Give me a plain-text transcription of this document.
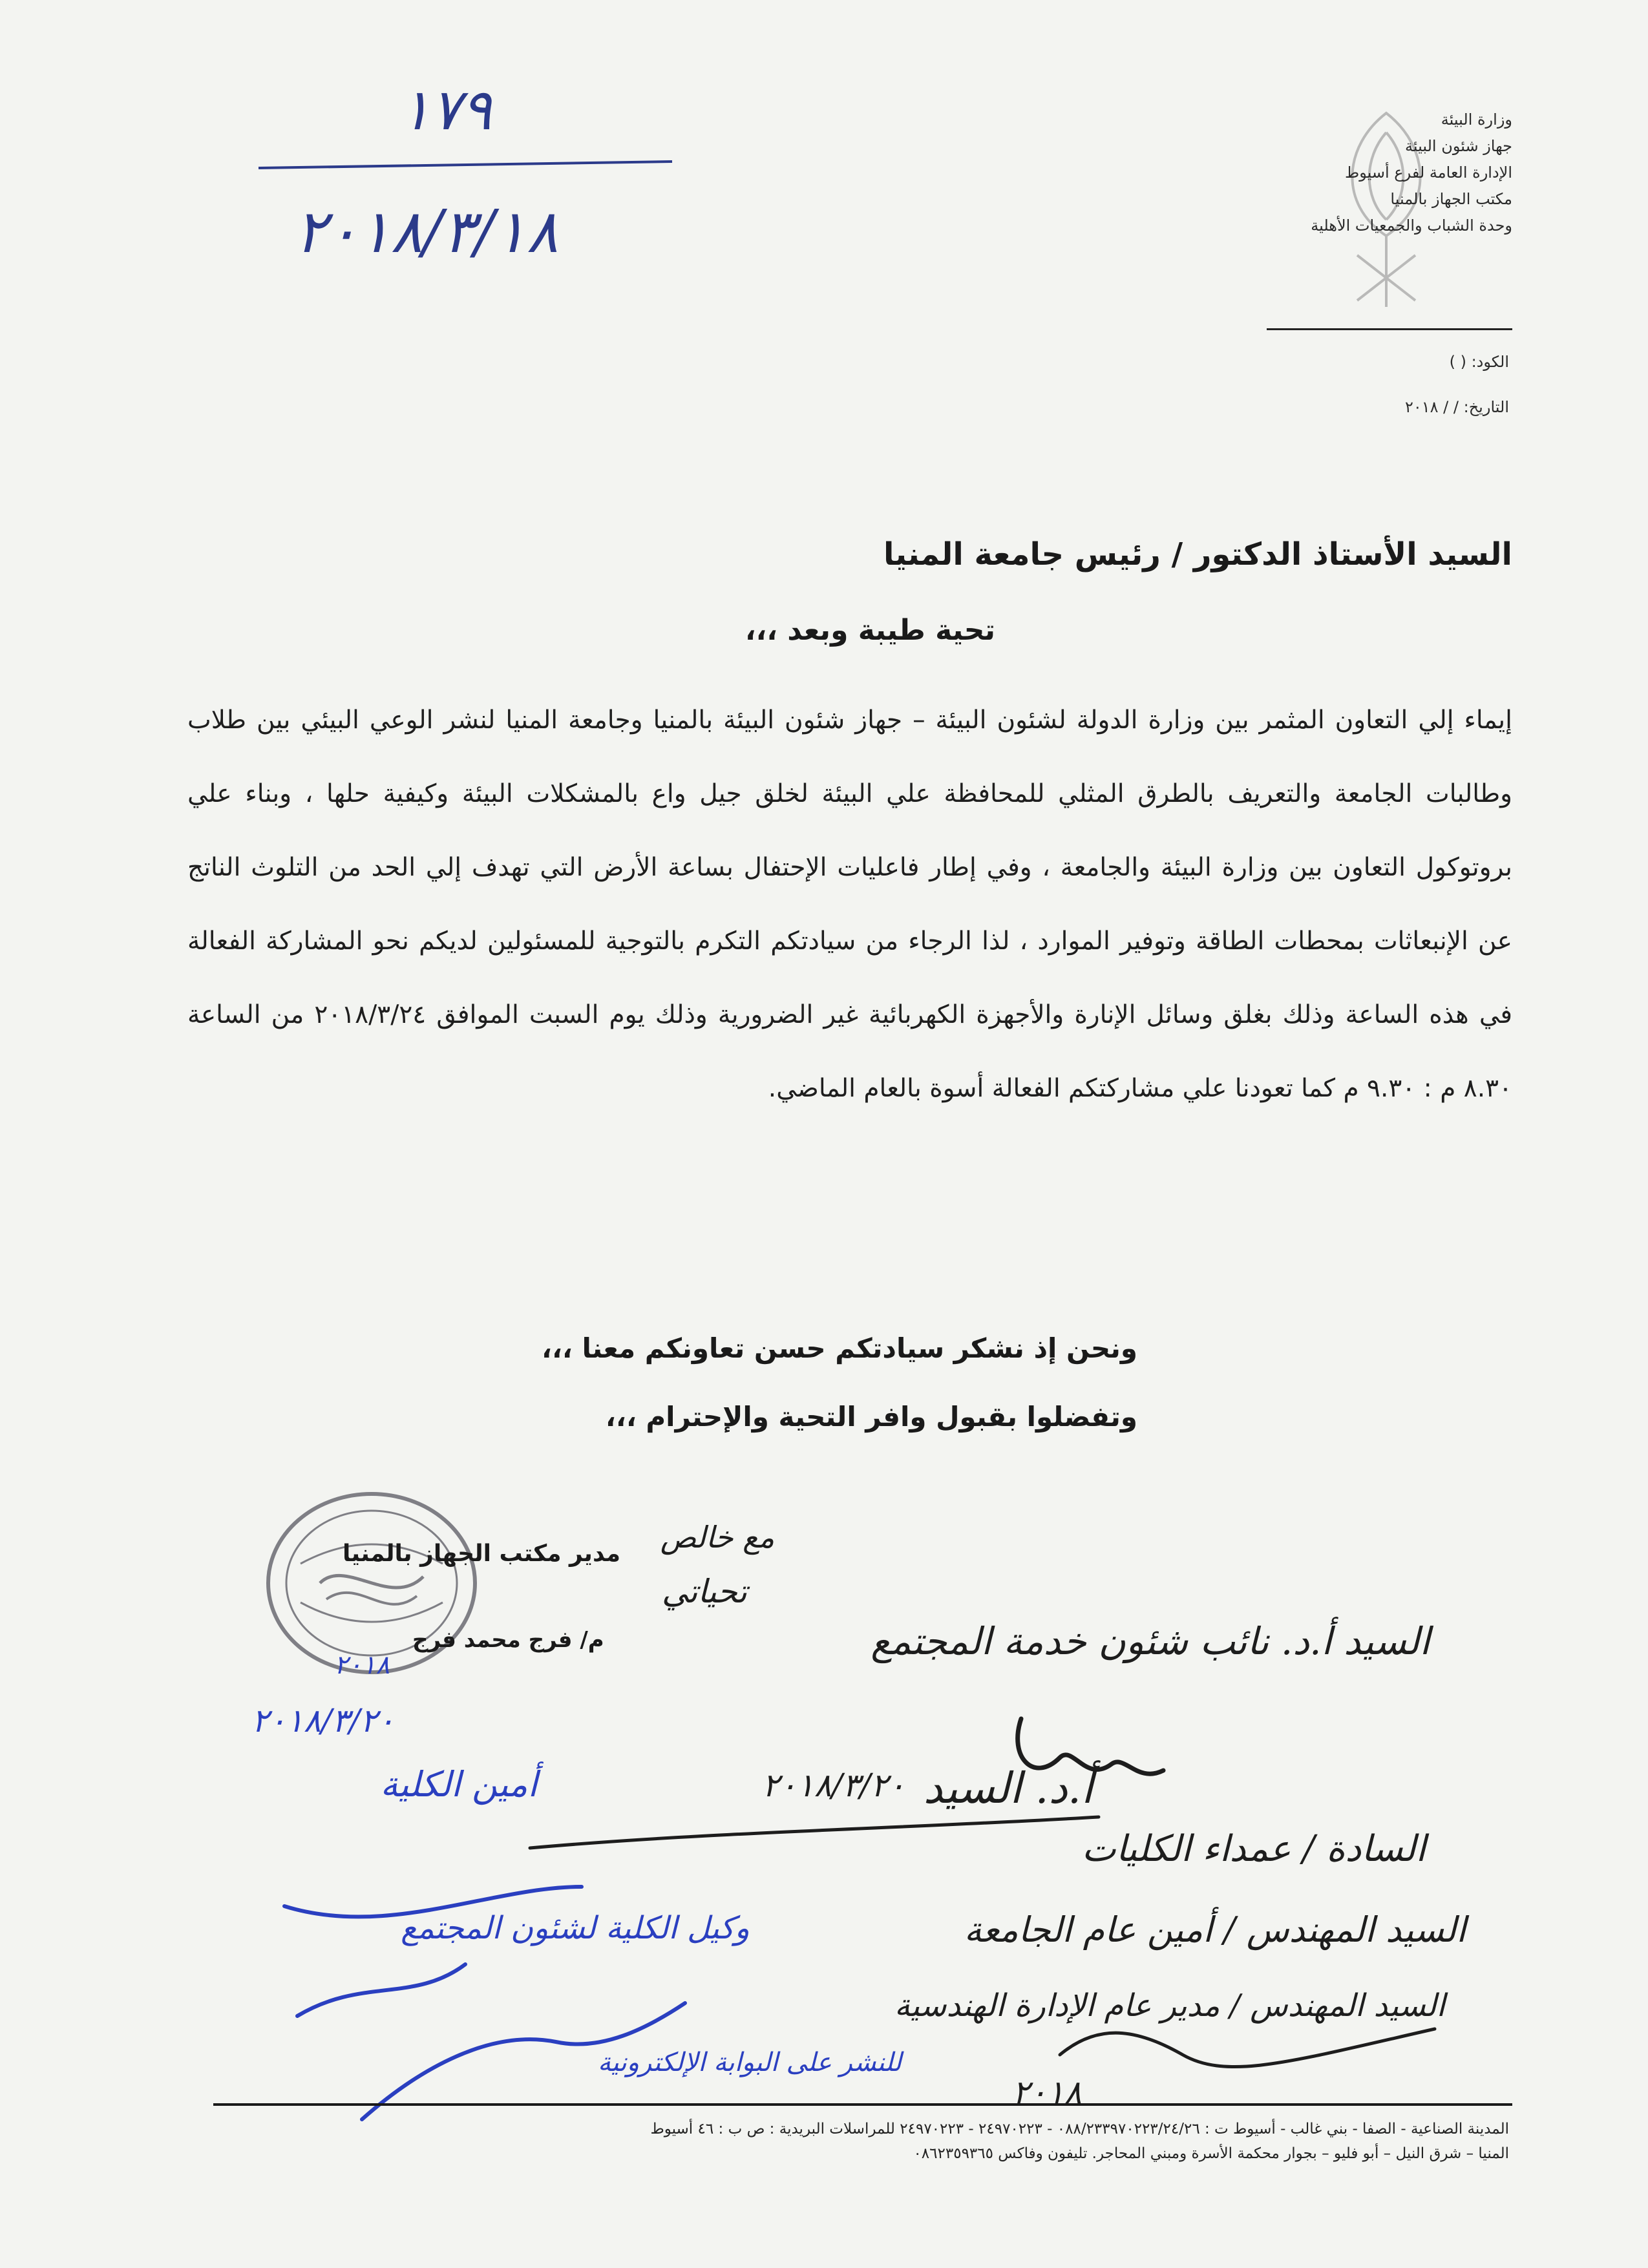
١٧٩
٢٠١٨/٣/١٨
وزارة البيئة
جهاز شئون البيئة
الإدارة العامة لفرع أسيوط
مكتب الجهاز بالمنيا
وحدة الشباب والجمعيات الأهلية
الكود: ( )
التاريخ: / / ٢٠١٨
السيد الأستاذ الدكتور / رئيس جامعة المنيا
تحية طيبة وبعد ،،،
إيماء إلي التعاون المثمر بين وزارة الدولة لشئون البيئة – جهاز شئون البيئة بالمنيا وجامعة المنيا لنشر الوعي البيئي بين طلاب وطالبات الجامعة والتعريف بالطرق المثلي للمحافظة علي البيئة لخلق جيل واع بالمشكلات البيئة وكيفية حلها ، وبناء علي بروتوكول التعاون بين وزارة البيئة والجامعة ، وفي إطار فاعليات الإحتفال بساعة الأرض التي تهدف إلي الحد من التلوث الناتج عن الإنبعاثات بمحطات الطاقة وتوفير الموارد ، لذا الرجاء من سيادتكم التكرم بالتوجية للمسئولين لديكم نحو المشاركة الفعالة في هذه الساعة وذلك بغلق وسائل الإنارة والأجهزة الكهربائية غير الضرورية وذلك يوم السبت الموافق ٢٠١٨/٣/٢٤ من الساعة ٨.٣٠ م : ٩.٣٠ م كما تعودنا علي مشاركتكم الفعالة أسوة بالعام الماضي.
ونحن إذ نشكر سيادتكم حسن تعاونكم معنا ،،،
وتفضلوا بقبول وافر التحية والإحترام ،،،
مدير مكتب الجهاز بالمنيا
م/ فرج محمد فرج
مع خالص
تحياتي
السيد أ.د. نائب شئون خدمة المجتمع
أ.د. السيد
السادة / عمداء الكليات
السيد المهندس / أمين عام الجامعة
السيد المهندس / مدير عام الإدارة الهندسية
أمين الكلية
وكيل الكلية لشئون المجتمع
للنشر على البوابة الإلكترونية
٢٠١٨/٣/٢٠
٢٠١٨/٣/٢٠
٢٠١٨
٢٠١٨
المدينة الصناعية - الصفا - بني غالب - أسيوط ت : ٠٨٨/٢٣٣٩٧٠٢٢٣/٢٤/٢٦ - ٢٤٩٧٠٢٢٣ - ٢٤٩٧٠٢٢٣ للمراسلات البريدية : ص ب : ٤٦ أسيوط
المنيا – شرق النيل – أبو فليو – بجوار محكمة الأسرة ومبني المحاجر. تليفون وفاكس ٠٨٦٢٣٥٩٣٦٥
